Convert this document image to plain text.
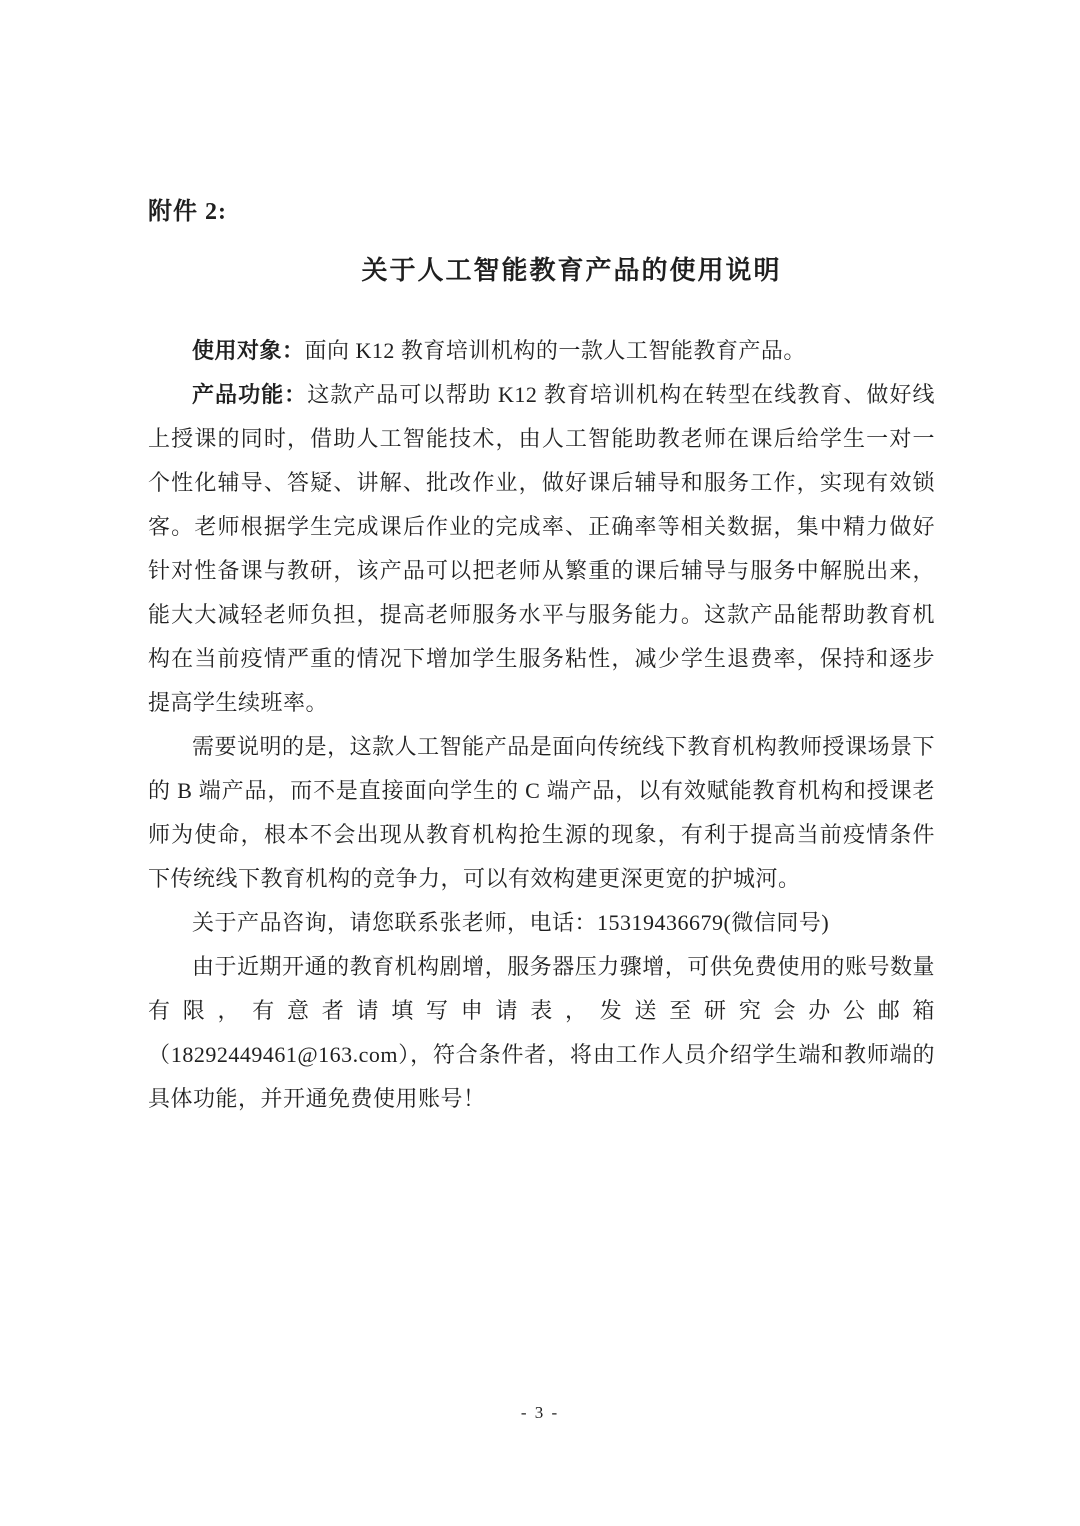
附件 2:
关于人工智能教育产品的使用说明

使用对象：面向 K12 教育培训机构的一款人工智能教育产品。

产品功能：这款产品可以帮助 K12 教育培训机构在转型在线教育、做好线上授课的同时，借助人工智能技术，由人工智能助教老师在课后给学生一对一个性化辅导、答疑、讲解、批改作业，做好课后辅导和服务工作，实现有效锁客。老师根据学生完成课后作业的完成率、正确率等相关数据，集中精力做好针对性备课与教研，该产品可以把老师从繁重的课后辅导与服务中解脱出来，能大大减轻老师负担，提高老师服务水平与服务能力。这款产品能帮助教育机构在当前疫情严重的情况下增加学生服务粘性，减少学生退费率，保持和逐步提高学生续班率。

需要说明的是，这款人工智能产品是面向传统线下教育机构教师授课场景下的 B 端产品，而不是直接面向学生的 C 端产品，以有效赋能教育机构和授课老师为使命，根本不会出现从教育机构抢生源的现象，有利于提高当前疫情条件下传统线下教育机构的竞争力，可以有效构建更深更宽的护城河。

关于产品咨询，请您联系张老师，电话：15319436679(微信同号)

由于近期开通的教育机构剧增，服务器压力骤增，可供免费使用的账号数量有限，有意者请填写申请表，发送至研究会办公邮箱（18292449461@163.com），符合条件者，将由工作人员介绍学生端和教师端的具体功能，并开通免费使用账号！

- 3 -
